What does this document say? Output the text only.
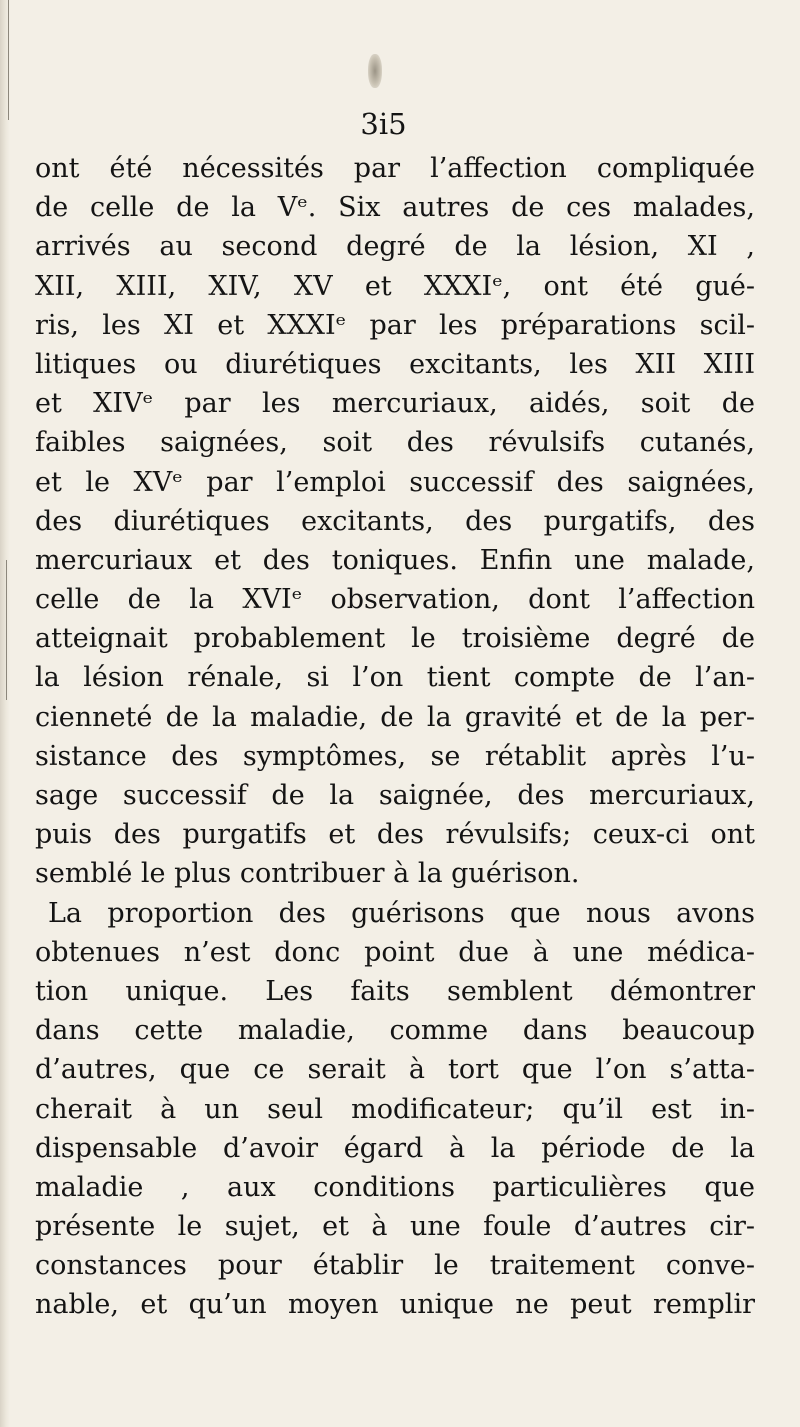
3i5

ont été nécessités par l’affection compliquée
de celle de la Vᵉ. Six autres de ces malades,
arrivés au second degré de la lésion, XI ,
XII, XIII, XIV, XV et XXXIᵉ, ont été gué-
ris, les XI et XXXIᵉ par les préparations scil-
litiques ou diurétiques excitants, les XII XIII
et XIVᵉ par les mercuriaux, aidés, soit de
faibles saignées, soit des révulsifs cutanés,
et le XVᵉ par l’emploi successif des saignées,
des diurétiques excitants, des purgatifs, des
mercuriaux et des toniques. Enfin une malade,
celle de la XVIᵉ observation, dont l’affection
atteignait probablement le troisième degré de
la lésion rénale, si l’on tient compte de l’an-
cienneté de la maladie, de la gravité et de la per-
sistance des symptômes, se rétablit après l’u-
sage successif de la saignée, des mercuriaux,
puis des purgatifs et des révulsifs; ceux-ci ont
semblé le plus contribuer à la guérison.
La proportion des guérisons que nous avons
obtenues n’est donc point due à une médica-
tion unique. Les faits semblent démontrer
dans cette maladie, comme dans beaucoup
d’autres, que ce serait à tort que l’on s’atta-
cherait à un seul modificateur; qu’il est in-
dispensable d’avoir égard à la période de la
maladie , aux conditions particulières que
présente le sujet, et à une foule d’autres cir-
constances pour établir le traitement conve-
nable, et qu’un moyen unique ne peut remplir
